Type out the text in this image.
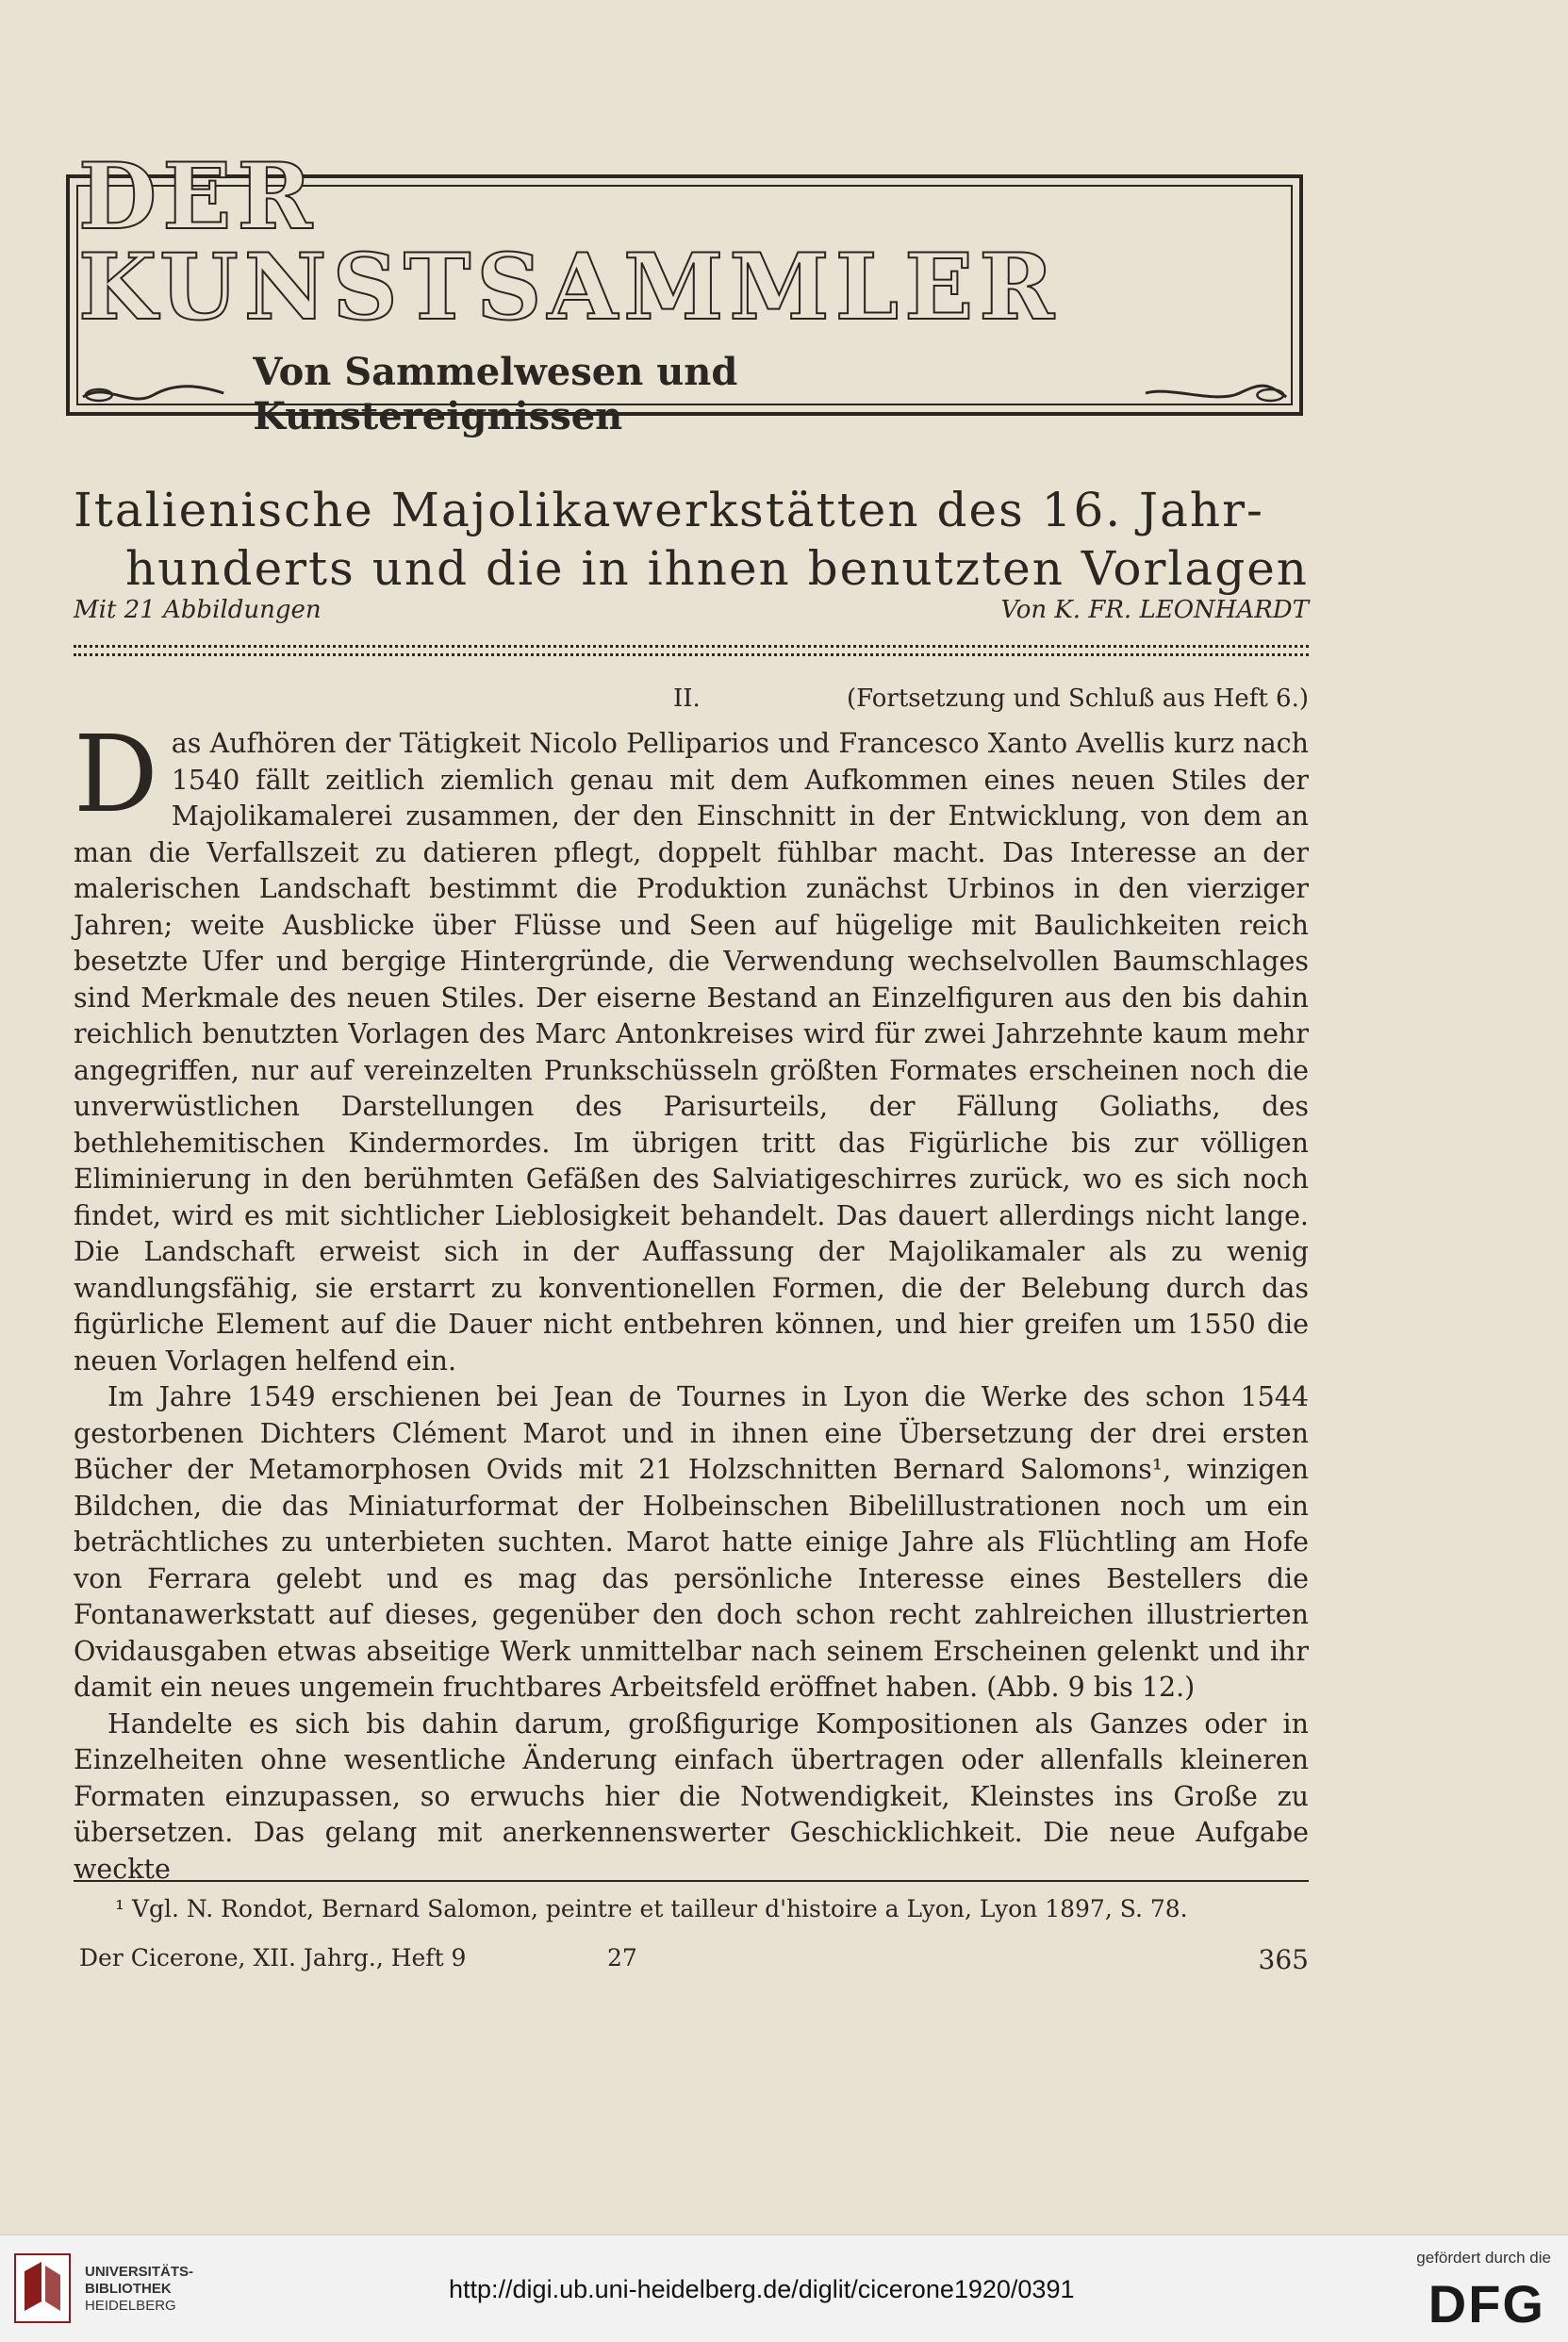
DER KUNSTSAMMLER
Von Sammelwesen und Kunstereignissen
Italienische Majolikawerkstätten des 16. Jahr-
hunderts und die in ihnen benutzten Vorlagen
Mit 21 Abbildungen	Von K. FR. LEONHARDT
II.	(Fortsetzung und Schluß aus Heft 6.)

Das Aufhören der Tätigkeit Nicolo Pelliparios und Francesco Xanto Avellis kurz nach 1540 fällt zeitlich ziemlich genau mit dem Aufkommen eines neuen Stiles der Majolikamalerei zusammen, der den Einschnitt in der Entwicklung, von dem an man die Verfallszeit zu datieren pflegt, doppelt fühlbar macht. Das Interesse an der malerischen Landschaft bestimmt die Produktion zunächst Urbinos in den vierziger Jahren; weite Ausblicke über Flüsse und Seen auf hügelige mit Baulichkeiten reich besetzte Ufer und bergige Hintergründe, die Verwendung wechselvollen Baumschlages sind Merkmale des neuen Stiles. Der eiserne Bestand an Einzelfiguren aus den bis dahin reichlich benutzten Vorlagen des Marc Antonkreises wird für zwei Jahrzehnte kaum mehr angegriffen, nur auf vereinzelten Prunkschüsseln größten Formates erscheinen noch die unverwüstlichen Darstellungen des Parisurteils, der Fällung Goliaths, des bethlehemitischen Kindermordes. Im übrigen tritt das Figürliche bis zur völligen Eliminierung in den berühmten Gefäßen des Salviatigeschirres zurück, wo es sich noch findet, wird es mit sichtlicher Lieblosigkeit behandelt. Das dauert allerdings nicht lange. Die Landschaft erweist sich in der Auffassung der Majolikamaler als zu wenig wandlungsfähig, sie erstarrt zu konventionellen Formen, die der Belebung durch das figürliche Element auf die Dauer nicht entbehren können, und hier greifen um 1550 die neuen Vorlagen helfend ein.

Im Jahre 1549 erschienen bei Jean de Tournes in Lyon die Werke des schon 1544 gestorbenen Dichters Clément Marot und in ihnen eine Übersetzung der drei ersten Bücher der Metamorphosen Ovids mit 21 Holzschnitten Bernard Salomons¹, winzigen Bildchen, die das Miniaturformat der Holbeinschen Bibelillustrationen noch um ein beträchtliches zu unterbieten suchten. Marot hatte einige Jahre als Flüchtling am Hofe von Ferrara gelebt und es mag das persönliche Interesse eines Bestellers die Fontanawerkstatt auf dieses, gegenüber den doch schon recht zahlreichen illustrierten Ovidausgaben etwas abseitige Werk unmittelbar nach seinem Erscheinen gelenkt und ihr damit ein neues ungemein fruchtbares Arbeitsfeld eröffnet haben. (Abb. 9 bis 12.)

Handelte es sich bis dahin darum, großfigurige Kompositionen als Ganzes oder in Einzelheiten ohne wesentliche Änderung einfach übertragen oder allenfalls kleineren Formaten einzupassen, so erwuchs hier die Notwendigkeit, Kleinstes ins Große zu übersetzen. Das gelang mit anerkennenswerter Geschicklichkeit. Die neue Aufgabe weckte

¹ Vgl. N. Rondot, Bernard Salomon, peintre et tailleur d'histoire a Lyon, Lyon 1897, S. 78.
Der Cicerone, XII. Jahrg., Heft 9	27	365
UNIVERSITÄTS-
BIBLIOTHEK
HEIDELBERG
http://digi.ub.uni-heidelberg.de/diglit/cicerone1920/0391
gefördert durch die
DFG
